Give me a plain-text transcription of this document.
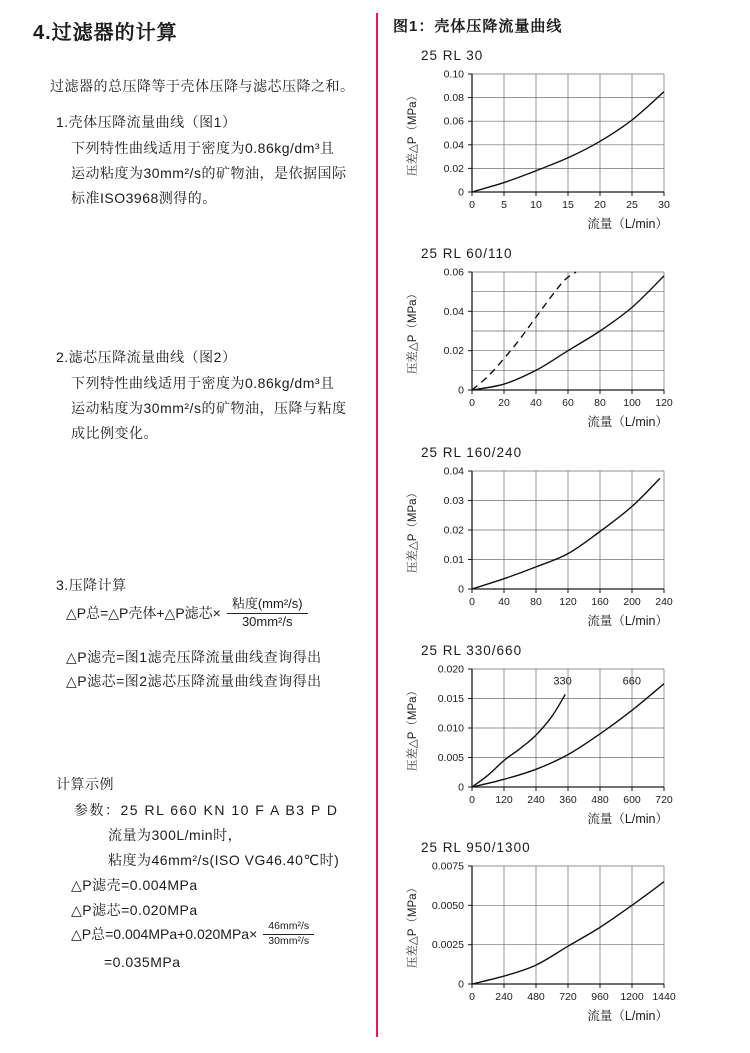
4.过滤器的计算
过滤器的总压降等于壳体压降与滤芯压降之和。
1.壳体压降流量曲线（图1）
下列特性曲线适用于密度为0.86kg/dm³且
运动粘度为30mm²/s的矿物油，是依据国际
标准ISO3968测得的。
2.滤芯压降流量曲线（图2）
下列特性曲线适用于密度为0.86kg/dm³且
运动粘度为30mm²/s的矿物油，压降与粘度
成比例变化。
3.压降计算
△P总=△P壳体+△P滤芯× $\frac{\text{粘度(mm²/s)}}{\text{30mm²/s}}$
△P滤壳=图1滤壳压降流量曲线查询得出
△P滤芯=图2滤芯压降流量曲线查询得出
计算示例
参数：25 RL 660 KN 10 F A B3 P D
流量为300L/min时，
粘度为46mm²/s(ISO VG46.40℃时)
△P滤壳=0.004MPa
△P滤芯=0.020MPa
△P总$=0.004MPa+0.020MPa\times \frac{\text{46mm²/s}}{\text{30mm²/s}}$
=0.035MPa
图1：壳体压降流量曲线
25 RL 30
0 5 10 15 20 25 30
0
0.02
0.04
0.06
0.08
0.10
压差△P（MPa）
流量（L/min）
25 RL 60/110
0 20 40 60 80 100 120
0
0.02
0.04
0.06
压差△P（MPa）
流量（L/min）
25 RL 160/240
0 40 80 120 160 200 240
0
0.01
0.02
0.03
0.04
压差△P（MPa）
流量（L/min）
25 RL 330/660
0 120 240 360 480 600 720
0
0.005
0.010
0.015
0.020
330	660
压差△P（MPa）
流量（L/min）
25 RL 950/1300
0 240 480 720 960 1200 1440
0
0.0025
0.0050
0.0075
压差△P（MPa）
流量（L/min）
